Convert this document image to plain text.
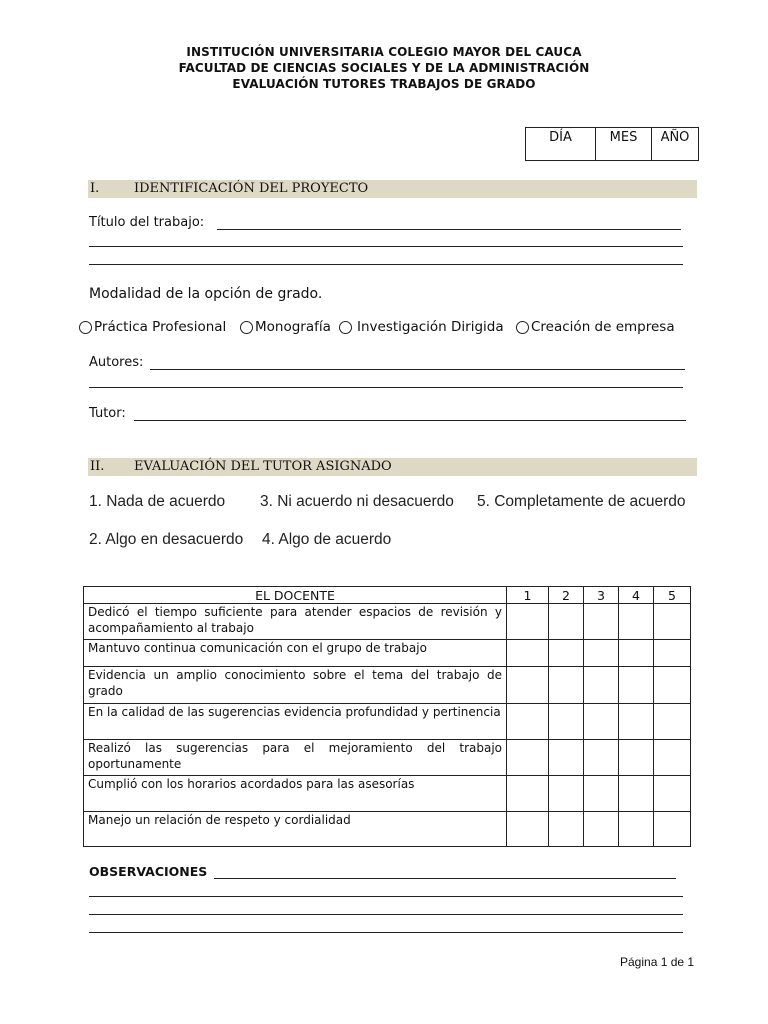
INSTITUCIÓN UNIVERSITARIA COLEGIO MAYOR DEL CAUCA
FACULTAD DE CIENCIAS SOCIALES Y DE LA ADMINISTRACIÓN
EVALUACIÓN TUTORES TRABAJOS DE GRADO
DÍA	MES	AÑO
I.	IDENTIFICACIÓN DEL PROYECTO
Título del trabajo:
Modalidad de la opción de grado.
Práctica Profesional Monografía Investigación Dirigida Creación de empresa
Autores:
Tutor:
II. EVALUACIÓN DEL TUTOR ASIGNADO
1. Nada de acuerdo 3. Ni acuerdo ni desacuerdo 5. Completamente de acuerdo
2. Algo en desacuerdo 4. Algo de acuerdo
EL DOCENTE	1	2	3	4	5
Dedicó el tiempo suficiente para atender espacios de revisión y acompañamiento al trabajo					
Mantuvo continua comunicación con el grupo de trabajo					
Evidencia un amplio conocimiento sobre el tema del trabajo de grado					
En la calidad de las sugerencias evidencia profundidad y pertinencia					
Realizó las sugerencias para el mejoramiento del trabajo oportunamente					
Cumplió con los horarios acordados para las asesorías					
Manejo un relación de respeto y cordialidad					
OBSERVACIONES
Página 1 de 1
